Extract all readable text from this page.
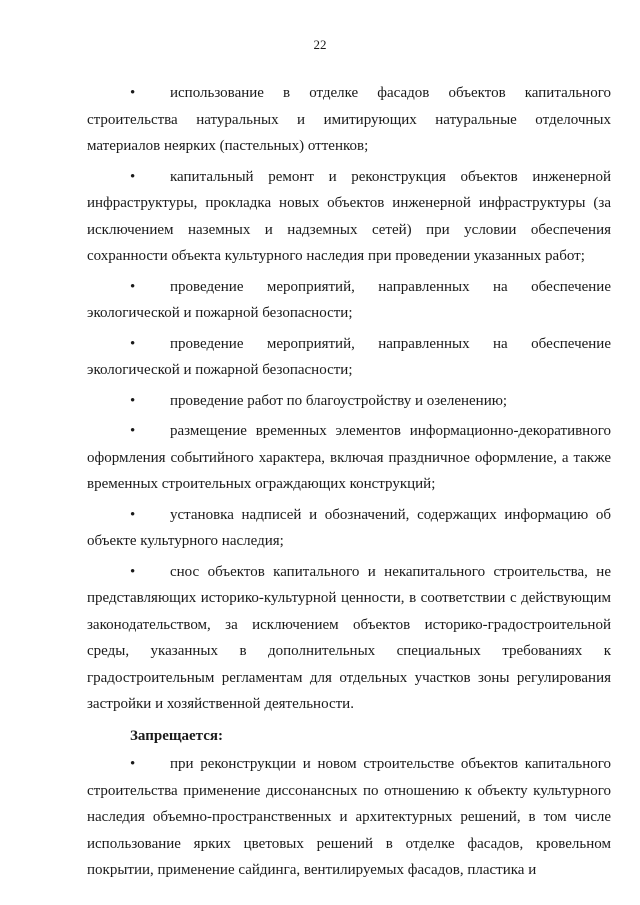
22

• использование в отделке фасадов объектов капитального строительства натуральных и имитирующих натуральные отделочных материалов неярких (пастельных) оттенков;

• капитальный ремонт и реконструкция объектов инженерной инфраструктуры, прокладка новых объектов инженерной инфраструктуры (за исключением наземных и надземных сетей) при условии обеспечения сохранности объекта культурного наследия при проведении указанных работ;

• проведение мероприятий, направленных на обеспечение экологической и пожарной безопасности;

• проведение мероприятий, направленных на обеспечение экологической и пожарной безопасности;

• проведение работ по благоустройству и озеленению;

• размещение временных элементов информационно-декоративного оформления событийного характера, включая праздничное оформление, а также временных строительных ограждающих конструкций;

• установка надписей и обозначений, содержащих информацию об объекте культурного наследия;

• снос объектов капитального и некапитального строительства, не представляющих историко-культурной ценности, в соответствии с действующим законодательством, за исключением объектов историко-градостроительной среды, указанных в дополнительных специальных требованиях к градостроительным регламентам для отдельных участков зоны регулирования застройки и хозяйственной деятельности.

Запрещается:

• при реконструкции и новом строительстве объектов капитального строительства применение диссонансных по отношению к объекту культурного наследия объемно-пространственных и архитектурных решений, в том числе использование ярких цветовых решений в отделке фасадов, кровельном покрытии, применение сайдинга, вентилируемых фасадов, пластика и
